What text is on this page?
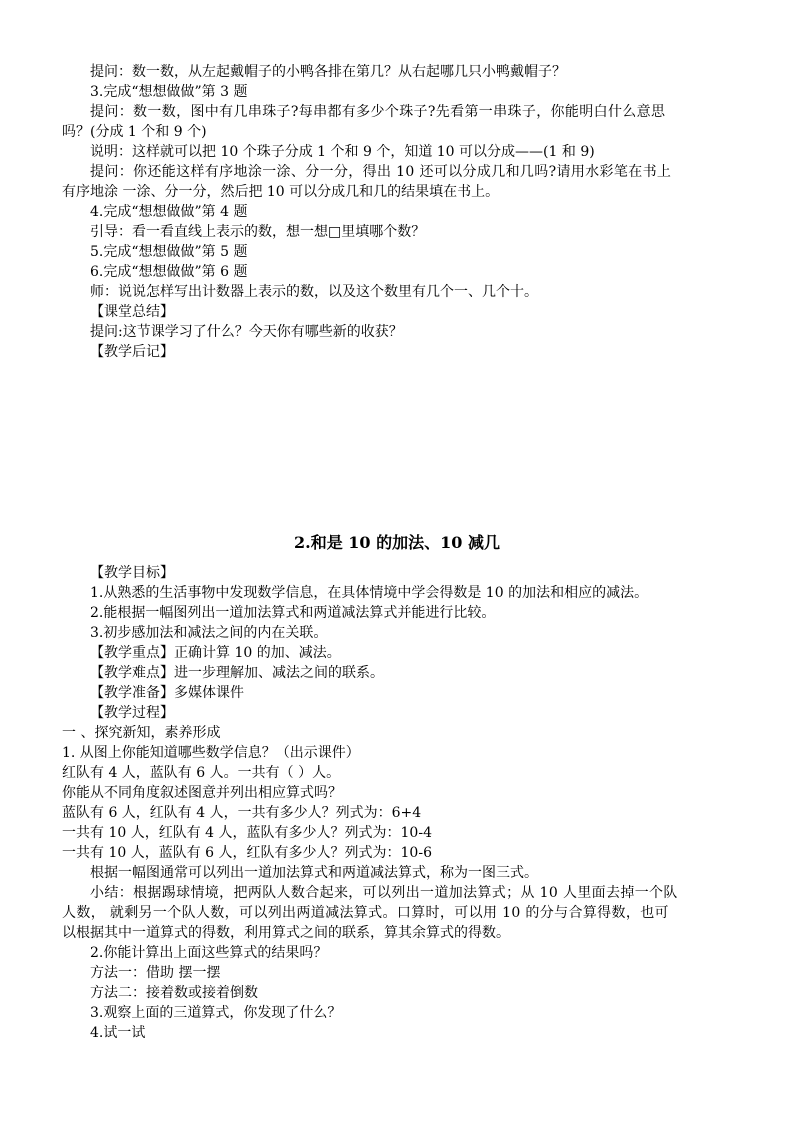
提问：数一数，从左起戴帽子的小鸭各排在第几？从右起哪几只小鸭戴帽子？
3.完成“想想做做”第 3 题
提问：数一数，图中有几串珠子?每串都有多少个珠子?先看第一串珠子，你能明白什么意思
吗？(分成 1 个和 9 个)
说明：这样就可以把 10 个珠子分成 1 个和 9 个，知道 10 可以分成——(1 和 9)
提问：你还能这样有序地涂一涂、分一分，得出 10 还可以分成几和几吗?请用水彩笔在书上
有序地涂 一涂、分一分，然后把 10 可以分成几和几的结果填在书上。
4.完成“想想做做”第 4 题
引导：看一看直线上表示的数，想一想□里填哪个数？
5.完成“想想做做”第 5 题
6.完成“想想做做”第 6 题
师：说说怎样写出计数器上表示的数，以及这个数里有几个一、几个十。
【课堂总结】
提问:这节课学习了什么？今天你有哪些新的收获？
【教学后记】
2.和是 10 的加法、10 减几
【教学目标】
1.从熟悉的生活事物中发现数学信息，在具体情境中学会得数是 10 的加法和相应的减法。
2.能根据一幅图列出一道加法算式和两道减法算式并能进行比较。
3.初步感加法和减法之间的内在关联。
【教学重点】正确计算 10 的加、减法。
【教学难点】进一步理解加、减法之间的联系。
【教学准备】多媒体课件
【教学过程】
一 、探究新知，素养形成
1. 从图上你能知道哪些数学信息？（出示课件）
红队有 4 人，蓝队有 6 人。一共有（ ）人。
你能从不同角度叙述图意并列出相应算式吗？
蓝队有 6 人，红队有 4 人，一共有多少人？列式为：6+4
一共有 10 人，红队有 4 人，蓝队有多少人？列式为：10-4
一共有 10 人，蓝队有 6 人，红队有多少人？列式为：10-6
根据一幅图通常可以列出一道加法算式和两道减法算式，称为一图三式。
小结：根据踢球情境，把两队人数合起来，可以列出一道加法算式；从 10 人里面去掉一个队
人数， 就剩另一个队人数，可以列出两道减法算式。口算时，可以用 10 的分与合算得数，也可
以根据其中一道算式的得数，利用算式之间的联系，算其余算式的得数。
2.你能计算出上面这些算式的结果吗？
方法一：借助 摆一摆
方法二：接着数或接着倒数
3.观察上面的三道算式，你发现了什么？
4.试一试
